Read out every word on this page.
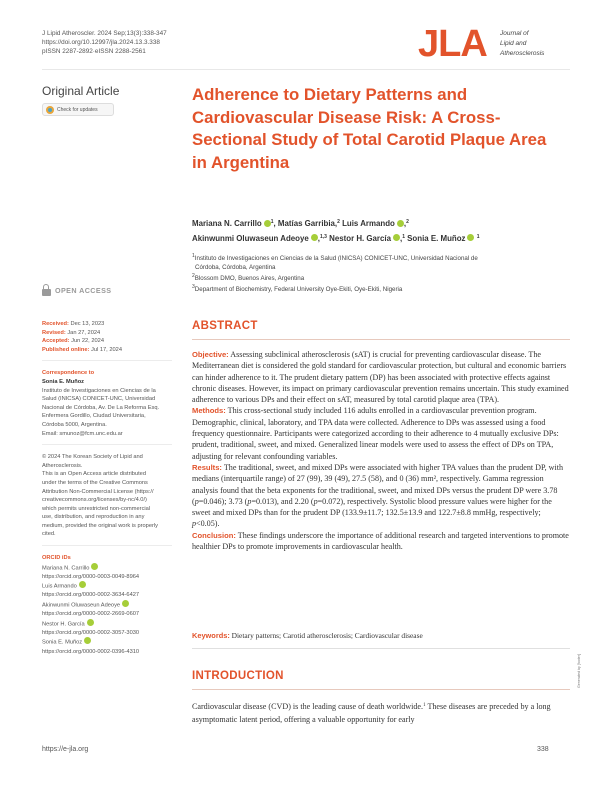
J Lipid Atheroscler. 2024 Sep;13(3):338-347
https://doi.org/10.12997/jla.2024.13.3.338
pISSN 2287-2892·eISSN 2288-2561	JLA Journal of
Lipid and
Atherosclerosis
Original Article
Check for updates
Adherence to Dietary Patterns and Cardiovascular Disease Risk: A Cross-Sectional Study of Total Carotid Plaque Area in Argentina
Mariana N. Carrillo $^1$, Matías Garribia,$^2$ Luis Armando ,$^2$
Akinwunmi Oluwaseun Adeoye ,$^{1,3}$ Nestor H. García ,$^1$ Sonia E. Muñoz $^1$
$^1$Instituto de Investigaciones en Ciencias de la Salud (INICSA) CONICET-UNC, Universidad Nacional de
Córdoba, Córdoba, Argentina
$^2$Blossom DMO, Buenos Aires, Argentina
$^3$Department of Biochemistry, Federal University Oye-Ekiti, Oye-Ekiti, Nigeria
OPEN ACCESS
Received: Dec 13, 2023
Revised: Jan 27, 2024
Accepted: Jun 22, 2024
Published online: Jul 17, 2024
Correspondence to
Sonia E. Muñoz
Instituto de Investigaciones en Ciencias de la
Salud (INICSA) CONICET-UNC, Universidad
Nacional de Córdoba, Av. De La Reforma Esq.
Enfermera Gordillo, Ciudad Universitaria,
Córdoba 5000, Argentina.
Email: smunoz@fcm.unc.edu.ar
© 2024 The Korean Society of Lipid and
Atherosclerosis.
This is an Open Access article distributed
under the terms of the Creative Commons
Attribution Non-Commercial License (https://
creativecommons.org/licenses/by-nc/4.0/)
which permits unrestricted non-commercial
use, distribution, and reproduction in any
medium, provided the original work is properly
cited.
ORCID iDs
Mariana N. Carrillo
https://orcid.org/0000-0003-0049-8964
Luis Armando
https://orcid.org/0000-0002-3634-6427
Akinwunmi Oluwaseun Adeoye
https://orcid.org/0000-0002-2669-0607
Nestor H. García
https://orcid.org/0000-0002-3057-3030
Sonia E. Muñoz
https://orcid.org/0000-0002-0396-4310
ABSTRACT

Objective: Assessing subclinical atherosclerosis (sAT) is crucial for preventing cardiovascular disease. The Mediterranean diet is considered the gold standard for cardiovascular protection, but cultural and economic barriers can hinder adherence to it. The prudent dietary pattern (DP) has been associated with protective effects against chronic diseases. However, its impact on primary cardiovascular prevention remains uncertain. This study examined adherence to various DPs and their effect on sAT, measured by total carotid plaque area (TPA).

Methods: This cross-sectional study included 116 adults enrolled in a cardiovascular prevention program. Demographic, clinical, laboratory, and TPA data were collected. Adherence to DPs was assessed using a food frequency questionnaire. Participants were categorized according to their adherence to 4 mutually exclusive DPs: prudent, traditional, sweet, and mixed. Generalized linear models were used to assess the effect of DPs on TPA, adjusting for relevant confounding variables.

Results: The traditional, sweet, and mixed DPs were associated with higher TPA values than the prudent DP, with medians (interquartile range) of 27 (99), 39 (49), 27.5 (58), and 0 (36) mm², respectively. Gamma regression analysis found that the beta exponents for the traditional, sweet, and mixed DPs versus the prudent DP were 3.78 (p=0.046); 3.73 (p=0.013), and 2.20 (p=0.072), respectively. Systolic blood pressure values were higher for the sweet and mixed DPs than for the prudent DP (133.9±11.7; 132.5±13.9 and 122.7±8.8 mmHg, respectively; p<0.05).

Conclusion: These findings underscore the importance of additional research and targeted interventions to promote healthier DPs to promote improvements in cardiovascular health.

Keywords: Dietary patterns; Carotid atherosclerosis; Cardiovascular disease
INTRODUCTION
Cardiovascular disease (CVD) is the leading cause of death worldwide.$^1$ These diseases are preceded by a long asymptomatic latent period, offering a valuable opportunity for early
Generated by [footer]
https://e-jla.org	338
